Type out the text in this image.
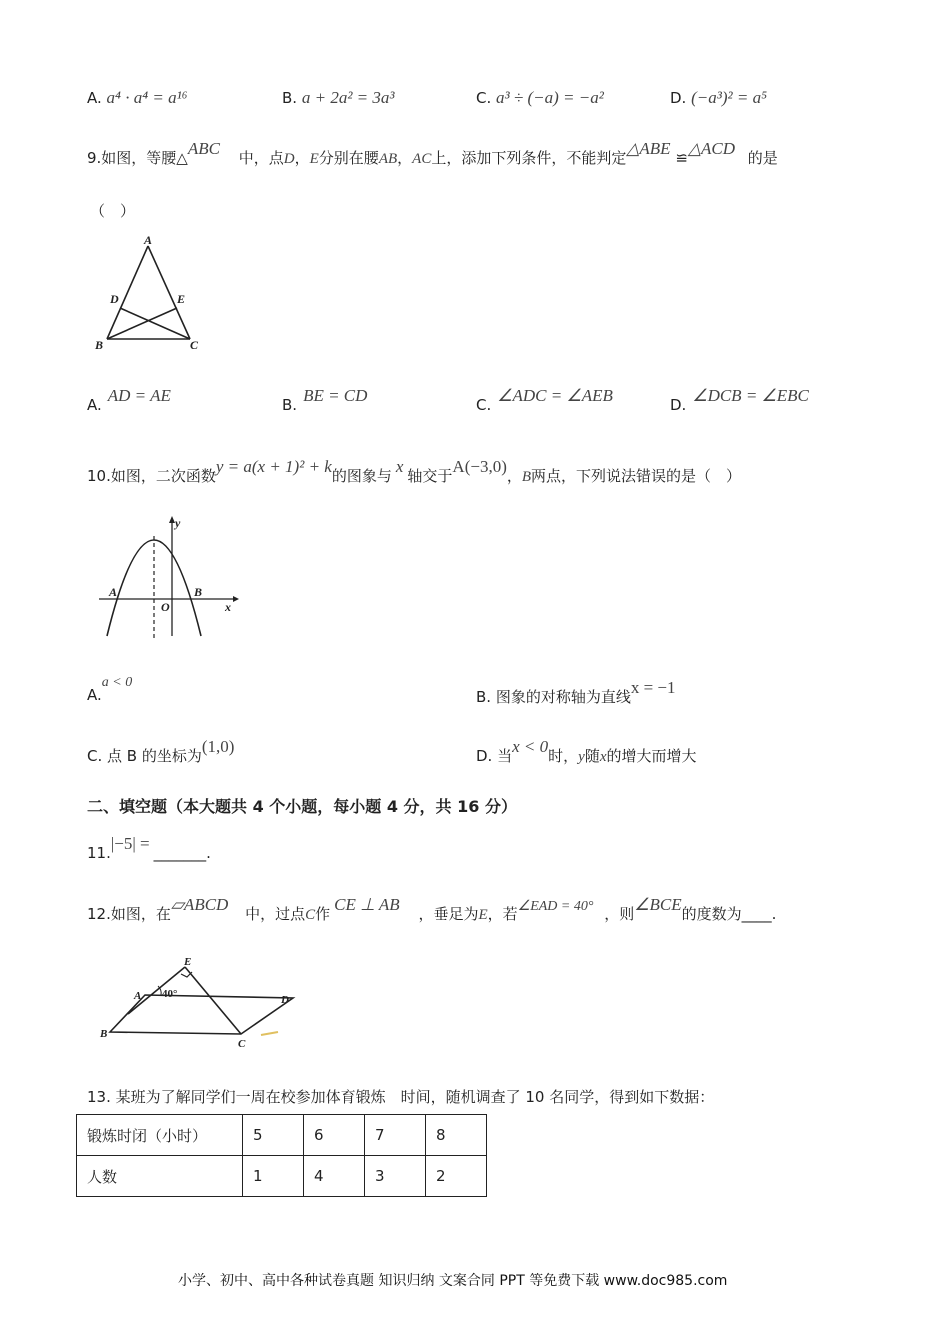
A. a⁴ · a⁴ = a¹⁶	B. a + 2a² = 3a³	C. a³ ÷ (−a) = −a²	D. (−a³)² = a⁵
9.如图，等腰△ABC 中，点D，E分别在腰AB，AC上，添加下列条件，不能判定△ABE ≌△ACD 的是
（　）
A
D	E
B	C
A. AD = AE	B. BE = CD	C. ∠ADC = ∠AEB	D. ∠DCB = ∠EBC
10.如图，二次函数y = a(x + 1)² + k的图象与 x 轴交于A(−3,0)，B两点，下列说法错误的是（　）
y
x
A	B
O
A.a < 0
B. 图象的对称轴为直线x = −1
C. 点 B 的坐标为(1,0)	D. 当x < 0时，y随x的增大而增大
二、填空题（本大题共 4 个小题，每小题 4 分，共 16 分）
11.|−5| = _______.
12.如图，在▱ABCD 中，过点C作 CE ⊥ AB ，垂足为E，若∠EAD = 40° ，则∠BCE的度数为____.
E
A 40°	D
B
C
13. 某班为了解同学们一周在校参加体育锻炼　时间，随机调查了 10 名同学，得到如下数据：
锻炼时闭（小时）	5	6	7	8
人数	1	4	3	2
小学、初中、高中各种试卷真题 知识归纳 文案合同 PPT 等免费下载 www.doc985.com
